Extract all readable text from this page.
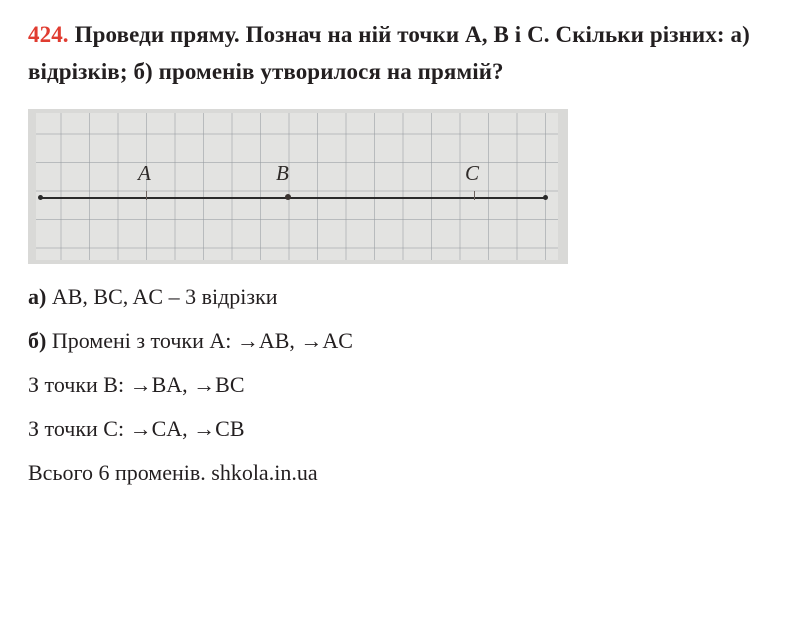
424. Проведи пряму. Познач на ній точки A, B і C. Скільки різних: а) відрізків; б) променів утворилося на прямій?
A	B	C

а) AB, BC, AC – 3 відрізки

б) Промені з точки A: →AB, →AC

З точки B: →BA, →BC

З точки C: →CA, →CB

Всього 6 променів. shkola.in.ua
